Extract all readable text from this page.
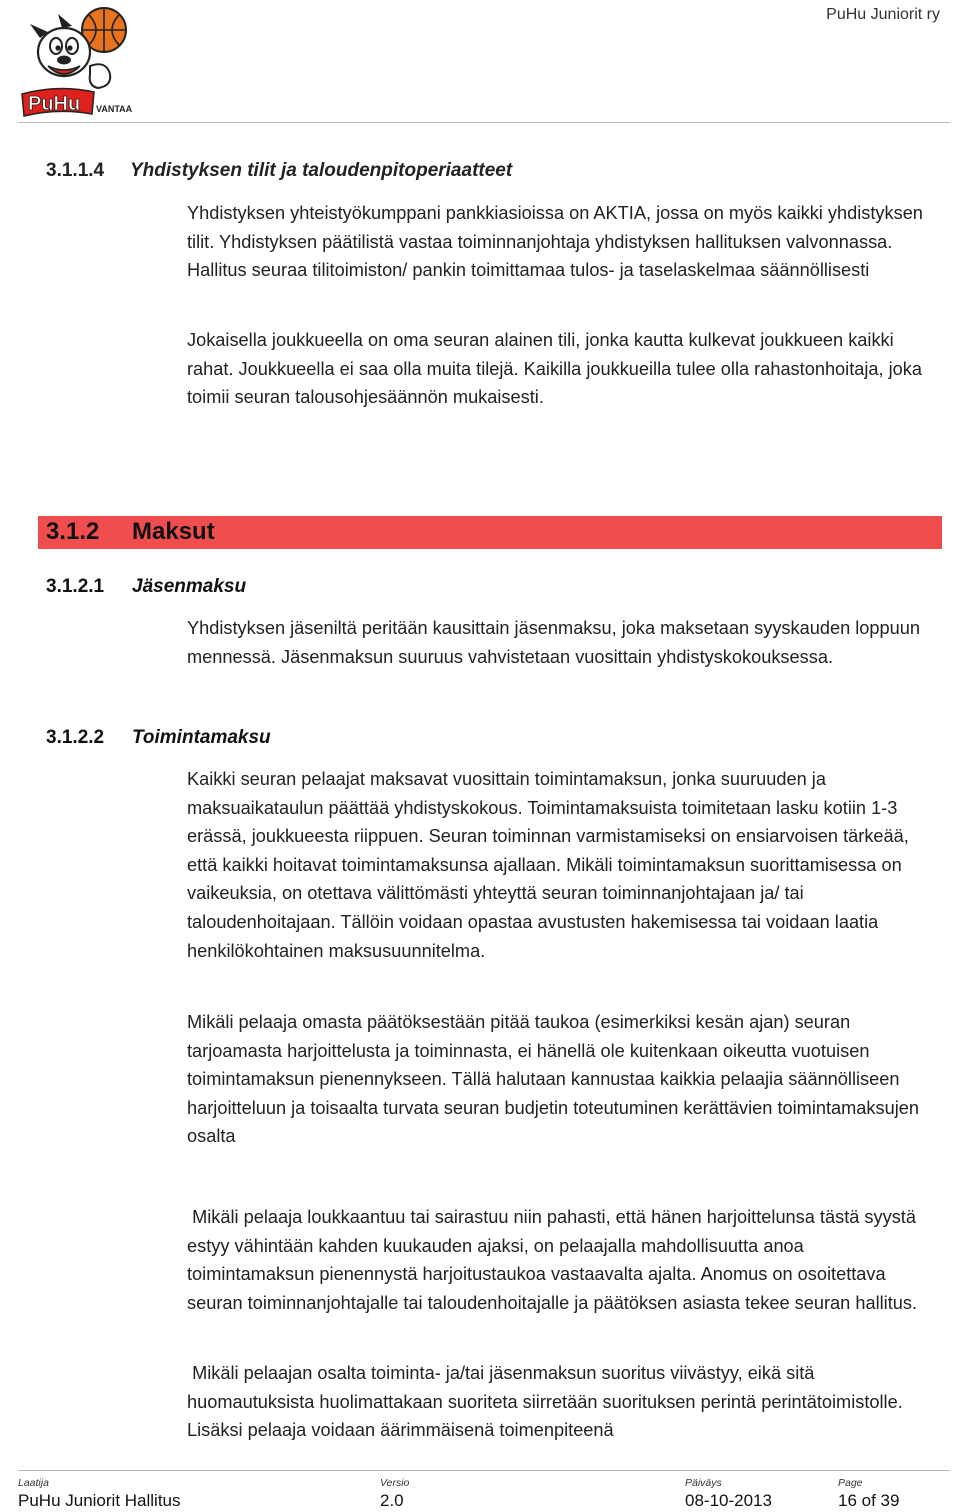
PuHu VANTAA
PuHu Juniorit ry
3.1.1.4 Yhdistyksen tilit ja taloudenpitoperiaatteet

Yhdistyksen yhteistyökumppani pankkiasioissa on AKTIA, jossa on myös kaikki yhdistyksen tilit. Yhdistyksen päätilistä vastaa toiminnanjohtaja yhdistyksen hallituksen valvonnassa. Hallitus seuraa tilitoimiston/ pankin toimittamaa tulos- ja taselaskelmaa säännöllisesti

Jokaisella joukkueella on oma seuran alainen tili, jonka kautta kulkevat joukkueen kaikki rahat. Joukkueella ei saa olla muita tilejä. Kaikilla joukkueilla tulee olla rahastonhoitaja, joka toimii seuran talousohjesäännön mukaisesti.

3.1.2 Maksut
3.1.2.1 Jäsenmaksu

Yhdistyksen jäseniltä peritään kausittain jäsenmaksu, joka maksetaan syyskauden loppuun mennessä. Jäsenmaksun suuruus vahvistetaan vuosittain yhdistyskokouksessa.

3.1.2.2 Toimintamaksu

Kaikki seuran pelaajat maksavat vuosittain toimintamaksun, jonka suuruuden ja maksuaikataulun päättää yhdistyskokous. Toimintamaksuista toimitetaan lasku kotiin 1-3 erässä, joukkueesta riippuen. Seuran toiminnan varmistamiseksi on ensiarvoisen tärkeää, että kaikki hoitavat toimintamaksunsa ajallaan. Mikäli toimintamaksun suorittamisessa on vaikeuksia, on otettava välittömästi yhteyttä seuran toiminnanjohtajaan ja/ tai taloudenhoitajaan. Tällöin voidaan opastaa avustusten hakemisessa tai voidaan laatia henkilökohtainen maksusuunnitelma.

Mikäli pelaaja omasta päätöksestään pitää taukoa (esimerkiksi kesän ajan) seuran tarjoamasta harjoittelusta ja toiminnasta, ei hänellä ole kuitenkaan oikeutta vuotuisen toimintamaksun pienennykseen. Tällä halutaan kannustaa kaikkia pelaajia säännölliseen harjoitteluun ja toisaalta turvata seuran budjetin toteutuminen kerättävien toimintamaksujen osalta

Mikäli pelaaja loukkaantuu tai sairastuu niin pahasti, että hänen harjoittelunsa tästä syystä estyy vähintään kahden kuukauden ajaksi, on pelaajalla mahdollisuutta anoa toimintamaksun pienennystä harjoitustaukoa vastaavalta ajalta. Anomus on osoitettava seuran toiminnanjohtajalle tai taloudenhoitajalle ja päätöksen asiasta tekee seuran hallitus.

Mikäli pelaajan osalta toiminta- ja/tai jäsenmaksun suoritus viivästyy, eikä sitä huomautuksista huolimattakaan suoriteta siirretään suorituksen perintä perintätoimistolle. Lisäksi pelaaja voidaan äärimmäisenä toimenpiteenä

Laatija	Versio	Päiväys	Page
PuHu Juniorit Hallitus	2.0	08-10-2013	16 of 39
